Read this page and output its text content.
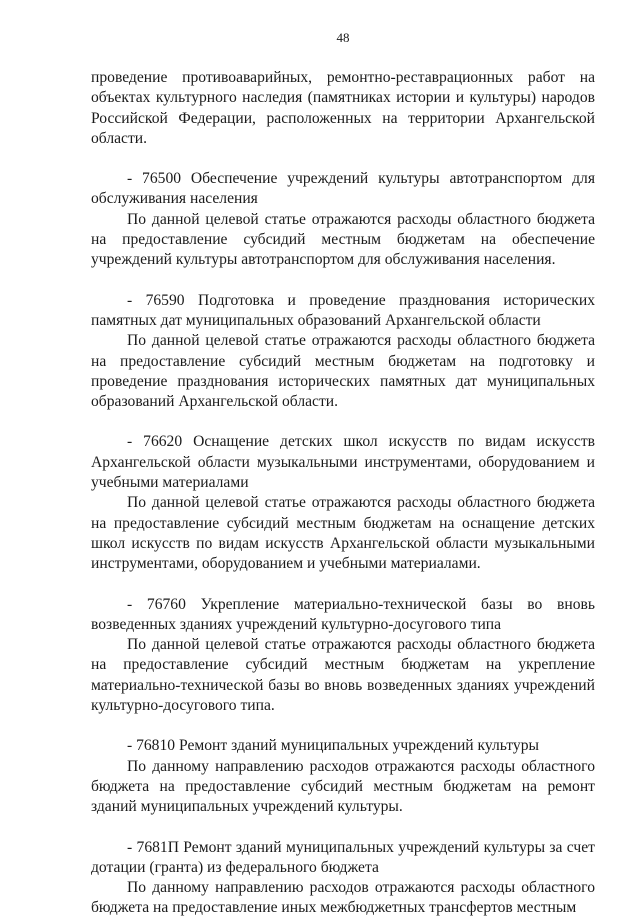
48

проведение противоаварийных, ремонтно-реставрационных работ на объектах культурного наследия (памятниках истории и культуры) народов Российской Федерации, расположенных на территории Архангельской области.

- 76500 Обеспечение учреждений культуры автотранспортом для обслуживания населения

По данной целевой статье отражаются расходы областного бюджета на предоставление субсидий местным бюджетам на обеспечение учреждений культуры автотранспортом для обслуживания населения.

- 76590 Подготовка и проведение празднования исторических памятных дат муниципальных образований Архангельской области

По данной целевой статье отражаются расходы областного бюджета на предоставление субсидий местным бюджетам на подготовку и проведение празднования исторических памятных дат муниципальных образований Архангельской области.

- 76620 Оснащение детских школ искусств по видам искусств Архангельской области музыкальными инструментами, оборудованием и учебными материалами

По данной целевой статье отражаются расходы областного бюджета на предоставление субсидий местным бюджетам на оснащение детских школ искусств по видам искусств Архангельской области музыкальными инструментами, оборудованием и учебными материалами.

- 76760 Укрепление материально-технической базы во вновь возведенных зданиях учреждений культурно-досугового типа

По данной целевой статье отражаются расходы областного бюджета на предоставление субсидий местным бюджетам на укрепление материально-технической базы во вновь возведенных зданиях учреждений культурно-досугового типа.

- 76810 Ремонт зданий муниципальных учреждений культуры

По данному направлению расходов отражаются расходы областного бюджета на предоставление субсидий местным бюджетам на ремонт зданий муниципальных учреждений культуры.

- 7681П Ремонт зданий муниципальных учреждений культуры за счет дотации (гранта) из федерального бюджета

По данному направлению расходов отражаются расходы областного бюджета на предоставление иных межбюджетных трансфертов местным
